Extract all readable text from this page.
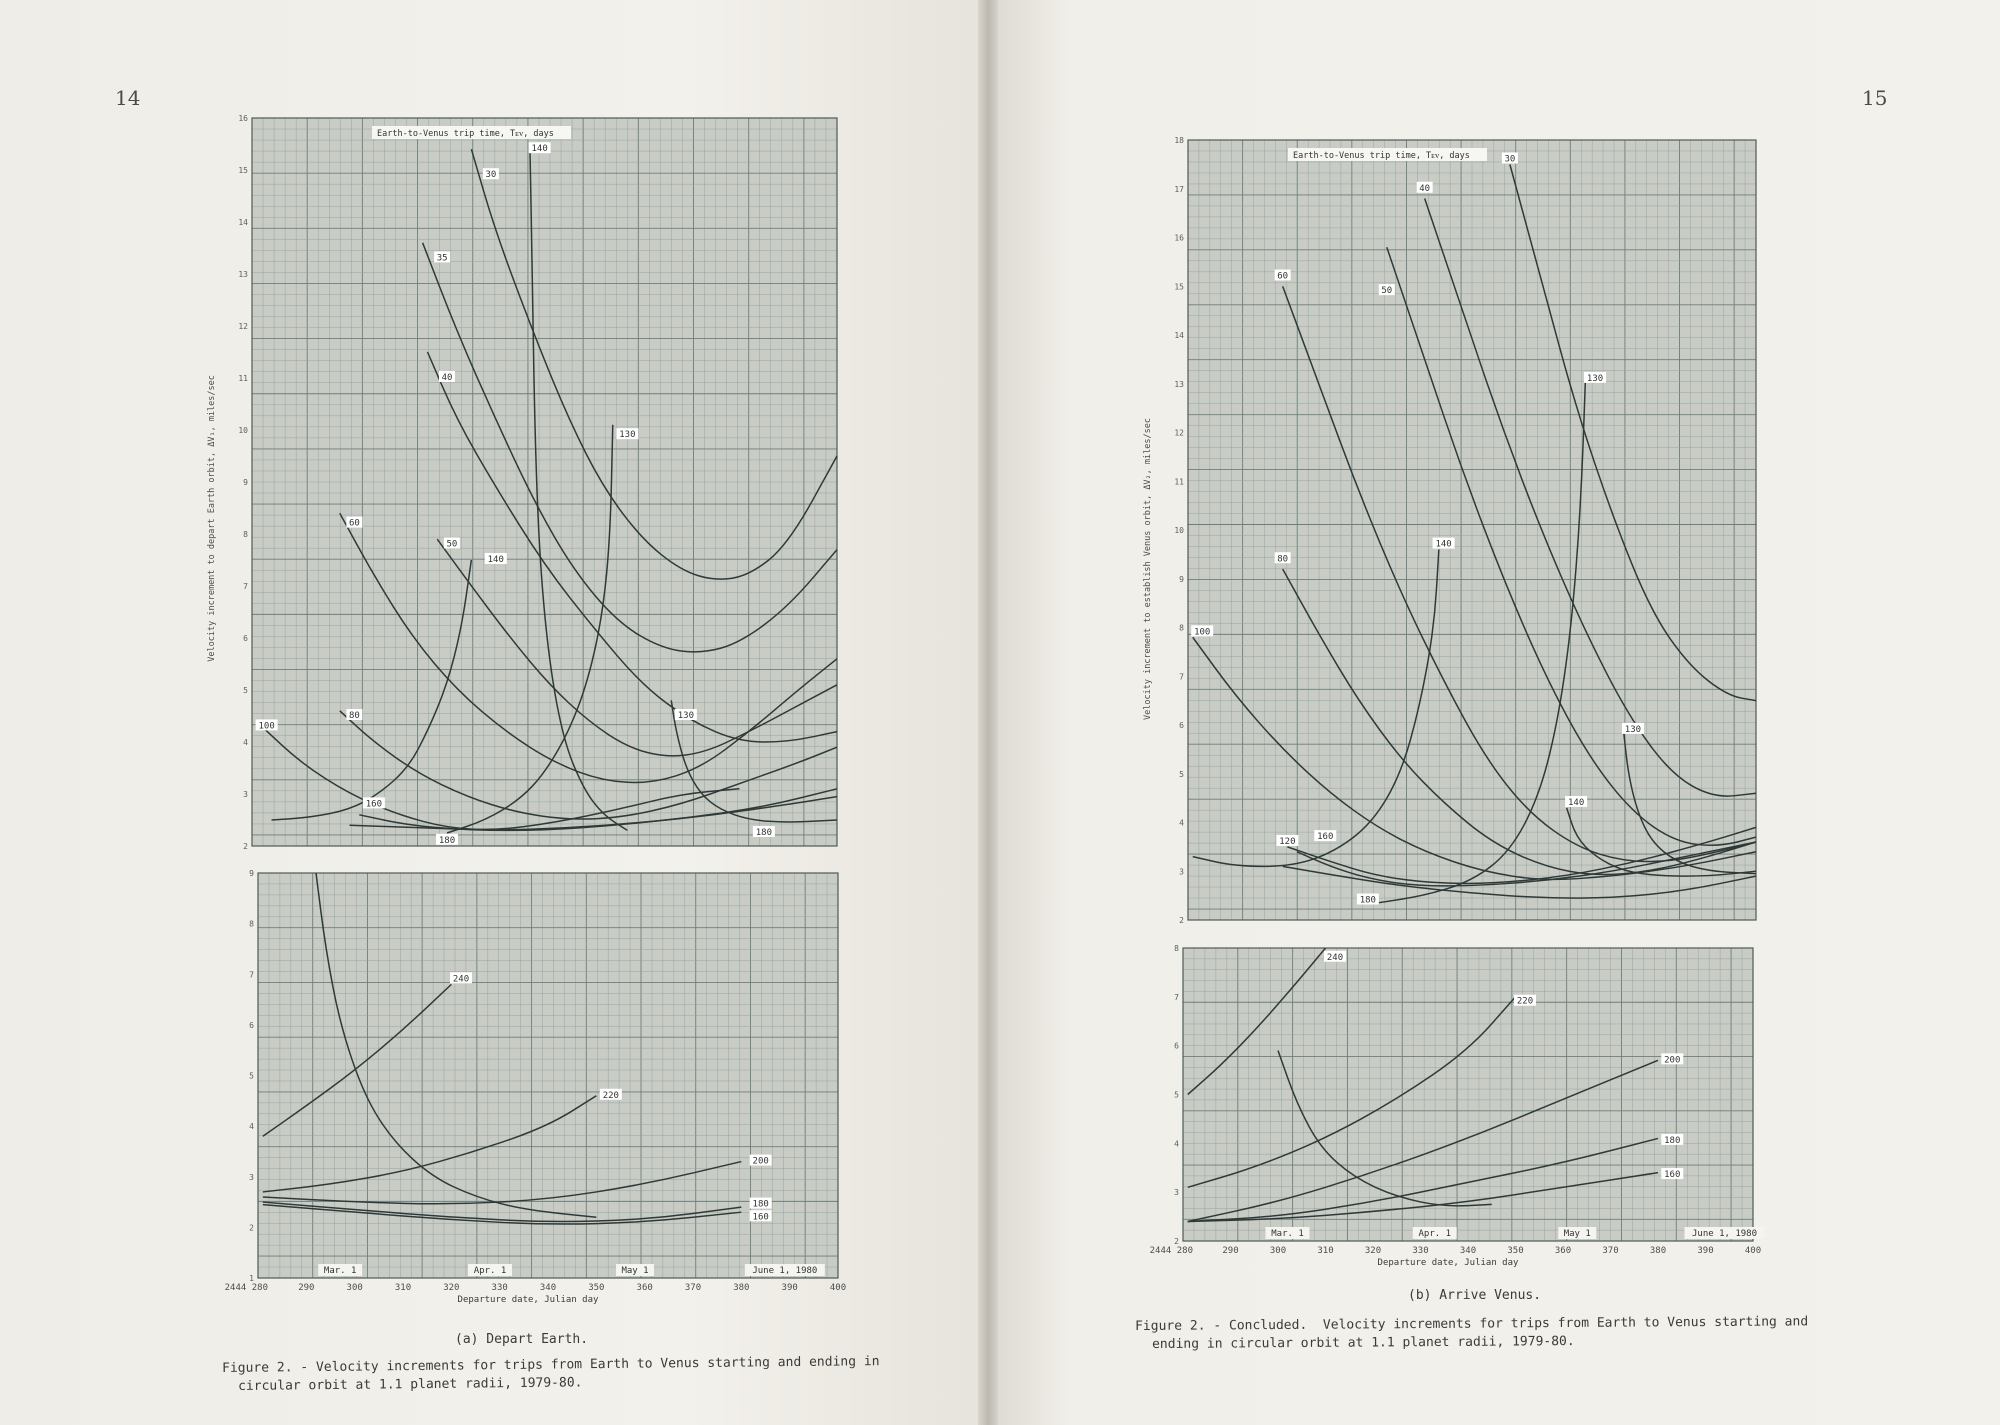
14	15
2
3
4
5
6
7
8
9
10
11
12
13
14
15
16
Velocity increment to depart Earth orbit, ΔV₁, miles/sec
Earth-to-Venus trip time, Tᴇᴠ, days
140
30
35
40
130
60
50
140
80
100
130
160
180
180
1
2
3
4
5
6
7
8
9
2444 280	290	300	310	320	330	340	350	360	370	380	390	400
Mar. 1	Apr. 1	May 1	June 1, 1980
Departure date, Julian day
240
220
200
180
160
2
3
4
5
6
7
8
9
10
11
12
13
14
15
16
17
18
Velocity increment to establish Venus orbit, ΔV₂, miles/sec
Earth-to-Venus trip time, Tᴇᴠ, days	30
40
60
50
130
140
80
100
130
140
160
120
180
2
3
4
5
6
7
8
2444 280	290	300	310	320	330	340	350	360	370	380	390	400
Mar. 1	Apr. 1	May 1	June 1, 1980
Departure date, Julian day
240
220
200
180
160
(a) Depart Earth.
(b) Arrive Venus.
Figure 2. - Velocity increments for trips from Earth to Venus starting and ending in
circular orbit at 1.1 planet radii, 1979-80.
Figure 2. - Concluded.  Velocity increments for trips from Earth to Venus starting and
ending in circular orbit at 1.1 planet radii, 1979-80.
